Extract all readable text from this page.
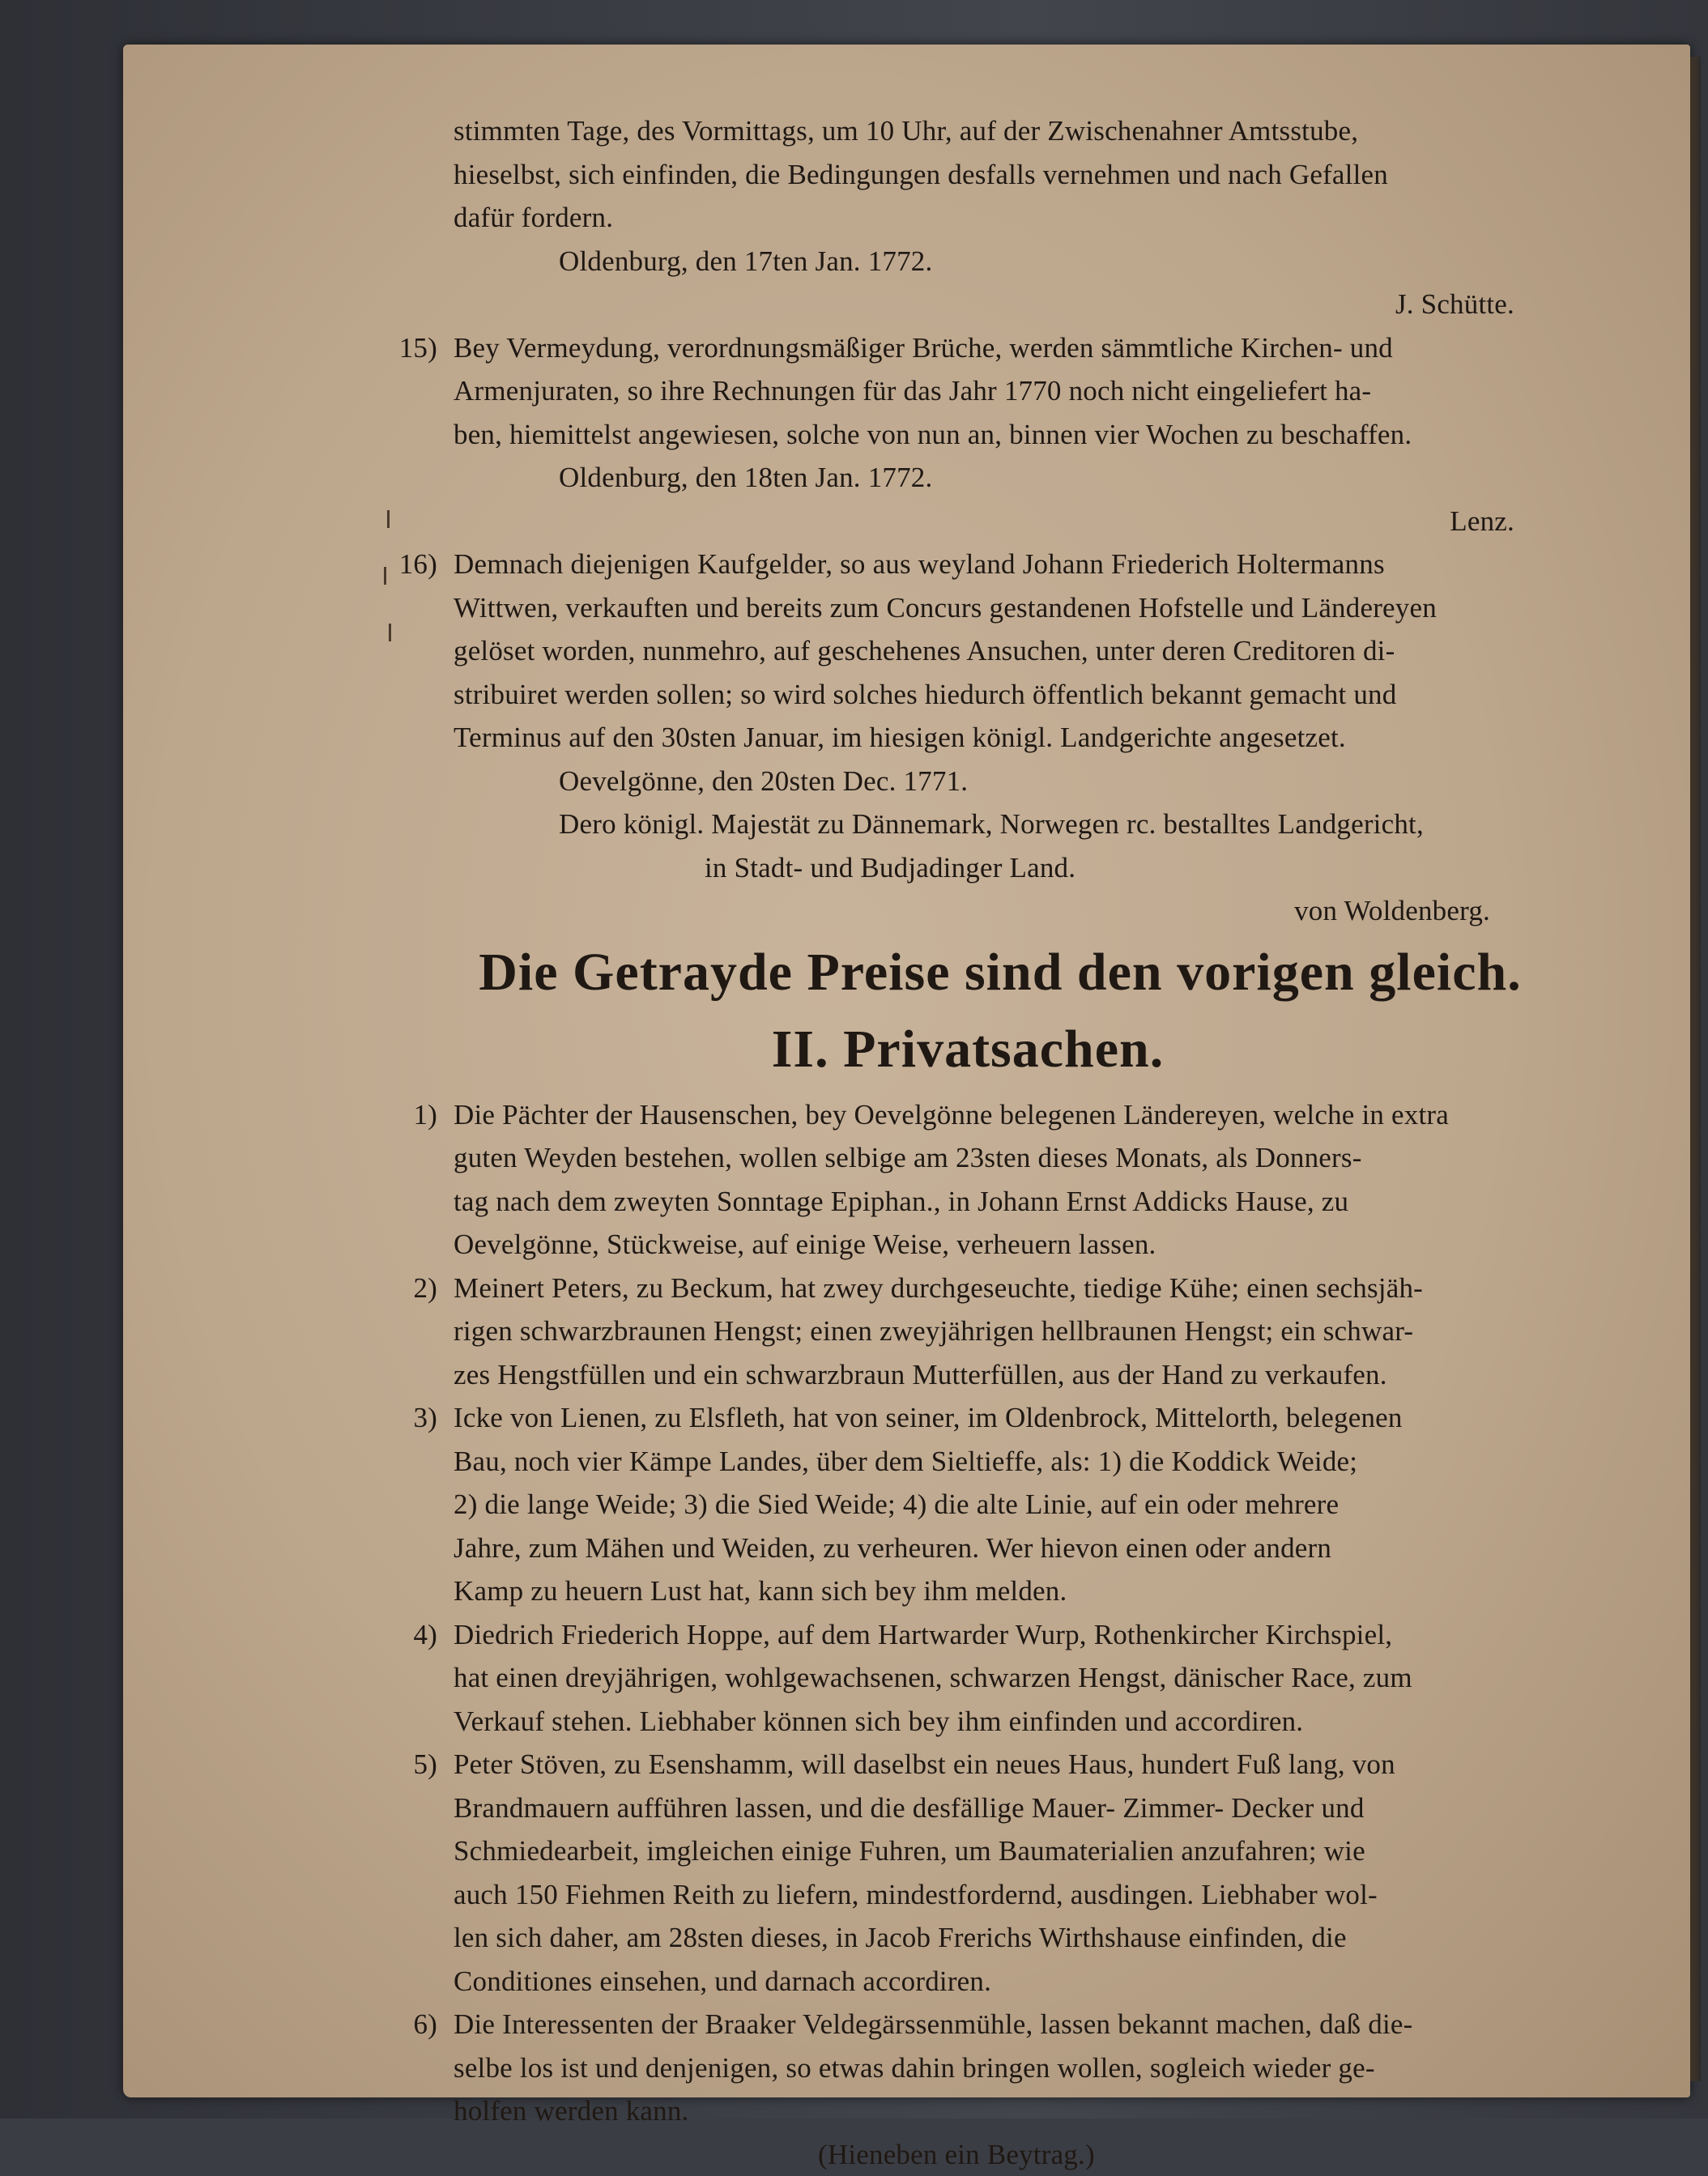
stimmten Tage, des Vormittags, um 10 Uhr, auf der Zwischenahner Amtsstube,
hieselbst, sich einfinden, die Bedingungen desfalls vernehmen und nach Gefallen
dafür fordern.
Oldenburg, den 17ten Jan. 1772.
J. Schütte.
15) Bey Vermeydung, verordnungsmäßiger Brüche, werden sämmtliche Kirchen- und
Armenjuraten, so ihre Rechnungen für das Jahr 1770 noch nicht eingeliefert ha-
ben, hiemittelst angewiesen, solche von nun an, binnen vier Wochen zu beschaffen.
Oldenburg, den 18ten Jan. 1772.
Lenz.
16) Demnach diejenigen Kaufgelder, so aus weyland Johann Friederich Holtermanns
Wittwen, verkauften und bereits zum Concurs gestandenen Hofstelle und Ländereyen
gelöset worden, nunmehro, auf geschehenes Ansuchen, unter deren Creditoren di-
stribuiret werden sollen; so wird solches hiedurch öffentlich bekannt gemacht und
Terminus auf den 30sten Januar, im hiesigen königl. Landgerichte angesetzet.
Oevelgönne, den 20sten Dec. 1771.
Dero königl. Majestät zu Dännemark, Norwegen rc. bestalltes Landgericht,
in Stadt- und Budjadinger Land.
von Woldenberg.
Die Getrayde Preise sind den vorigen gleich.
II. Privatsachen.
1) Die Pächter der Hausenschen, bey Oevelgönne belegenen Ländereyen, welche in extra
guten Weyden bestehen, wollen selbige am 23sten dieses Monats, als Donners-
tag nach dem zweyten Sonntage Epiphan., in Johann Ernst Addicks Hause, zu
Oevelgönne, Stückweise, auf einige Weise, verheuern lassen.
2) Meinert Peters, zu Beckum, hat zwey durchgeseuchte, tiedige Kühe; einen sechsjäh-
rigen schwarzbraunen Hengst; einen zweyjährigen hellbraunen Hengst; ein schwar-
zes Hengstfüllen und ein schwarzbraun Mutterfüllen, aus der Hand zu verkaufen.
3) Icke von Lienen, zu Elsfleth, hat von seiner, im Oldenbrock, Mittelorth, belegenen
Bau, noch vier Kämpe Landes, über dem Sieltieffe, als: 1) die Koddick Weide;
2) die lange Weide; 3) die Sied Weide; 4) die alte Linie, auf ein oder mehrere
Jahre, zum Mähen und Weiden, zu verheuren. Wer hievon einen oder andern
Kamp zu heuern Lust hat, kann sich bey ihm melden.
4) Diedrich Friederich Hoppe, auf dem Hartwarder Wurp, Rothenkircher Kirchspiel,
hat einen dreyjährigen, wohlgewachsenen, schwarzen Hengst, dänischer Race, zum
Verkauf stehen. Liebhaber können sich bey ihm einfinden und accordiren.
5) Peter Stöven, zu Esenshamm, will daselbst ein neues Haus, hundert Fuß lang, von
Brandmauern aufführen lassen, und die desfällige Mauer- Zimmer- Decker und
Schmiedearbeit, imgleichen einige Fuhren, um Baumaterialien anzufahren; wie
auch 150 Fiehmen Reith zu liefern, mindestfordernd, ausdingen. Liebhaber wol-
len sich daher, am 28sten dieses, in Jacob Frerichs Wirthshause einfinden, die
Conditiones einsehen, und darnach accordiren.
6) Die Interessenten der Braaker Veldegärssenmühle, lassen bekannt machen, daß die-
selbe los ist und denjenigen, so etwas dahin bringen wollen, sogleich wieder ge-
holfen werden kann.
(Hieneben ein Beytrag.)
